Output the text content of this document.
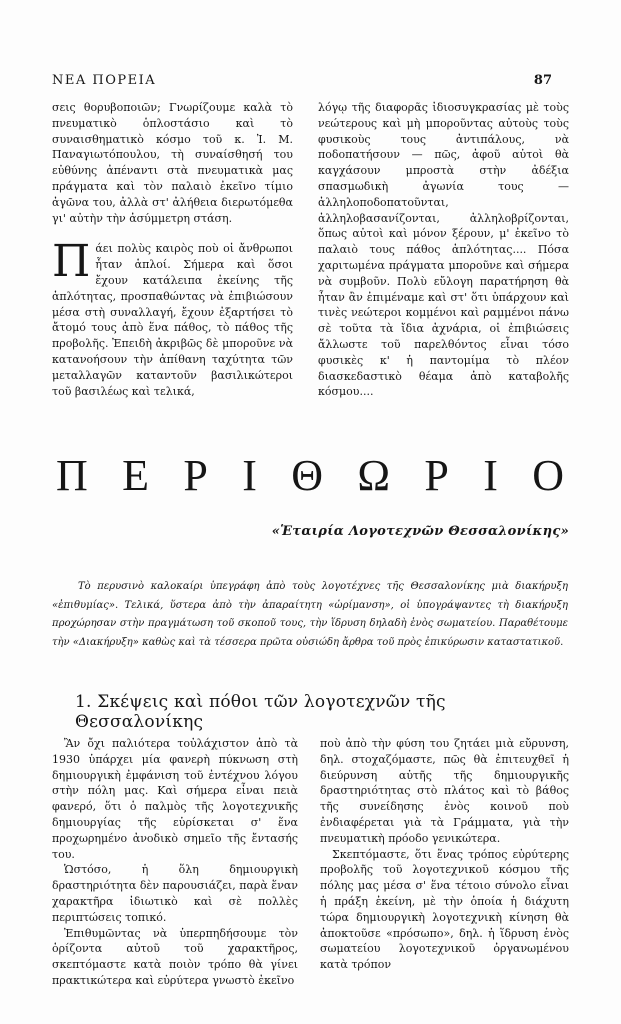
ΝΕΑ ΠΟΡΕΙΑ	87

σεις θορυβοποιῶν; Γνωρίζουμε καλὰ τὸ πνευματικὸ ὁπλοστάσιο καὶ τὸ συναισθηματικὸ κόσμο τοῦ κ. Ἰ. Μ. Παναγιωτόπουλου, τὴ συναίσθησή του εὐθύνης ἀπέναντι στὰ πνευματικὰ μας πράγματα καὶ τὸν παλαιὸ ἐκεῖνο τίμιο ἀγῶνα του, ἀλλὰ στ' ἀλήθεια διερωτόμεθα γι' αὐτὴν τὴν ἀσύμμετρη στάση.

Πάει πολὺς καιρὸς ποὺ οἱ ἄνθρωποι ἦταν ἁπλοί. Σήμερα καὶ ὅσοι ἔχουν κατάλειπα ἐκείνης τῆς ἁπλότητας, προσπαθώντας νὰ ἐπιβιώσουν μέσα στὴ συναλλαγή, ἔχουν ἐξαρτήσει τὸ ἄτομό τους ἀπὸ ἕνα πάθος, τὸ πάθος τῆς προβολῆς. Ἐπειδὴ ἀκριβῶς δὲ μποροῦνε νὰ κατανοήσουν τὴν ἀπίθανη ταχύτητα τῶν μεταλλαγῶν καταντοῦν βασιλικώτεροι τοῦ βασιλέως καὶ τελικά,

λόγῳ τῆς διαφορᾶς ἰδιοσυγκρασίας μὲ τοὺς νεώτερους καὶ μὴ μποροῦντας αὐτοὺς τοὺς φυσικοὺς τους ἀντιπάλους, νὰ ποδοπατήσουν — πῶς, ἀφοῦ αὐτοὶ θὰ καγχάσουν μπροστὰ στὴν ἀδέξια σπασμωδικὴ ἀγωνία τους — ἀλληλοποδοπατοῦνται, ἀλληλοβασανίζονται, ἀλληλοβρίζονται, ὅπως αὐτοὶ καὶ μόνον ξέρουν, μ' ἐκεῖνο τὸ παλαιὸ τους πάθος ἁπλότητας.... Πόσα χαριτωμένα πράγματα μποροῦνε καὶ σήμερα νὰ συμβοῦν. Πολὺ εὔλογη παρατήρηση θὰ ἦταν ἂν ἐπιμέναμε καὶ στ' ὅτι ὑπάρχουν καὶ τινὲς νεώτεροι κομμένοι καὶ ραμμένοι πάνω σὲ τοῦτα τὰ ἴδια ἀχνάρια, οἱ ἐπιβιώσεις ἄλλωστε τοῦ παρελθόντος εἶναι τόσο φυσικὲς κ' ἡ παντομίμα τὸ πλέον διασκεδαστικὸ θέαμα ἀπὸ καταβολῆς κόσμου....

Π Ε Ρ Ι Θ Ω Ρ Ι Ο
«Ἑταιρία Λογοτεχνῶν Θεσσαλονίκης»

Τὸ περυσινὸ καλοκαίρι ὑπεγράφη ἀπὸ τοὺς λογοτέχνες τῆς Θεσσαλονίκης μιὰ διακήρυξη «ἐπιθυμίας». Τελικά, ὕστερα ἀπὸ τὴν ἀπαραίτητη «ὡρίμανση», οἱ ὑπογράψαντες τὴ διακήρυξη προχώρησαν στὴν πραγμάτωση τοῦ σκοποῦ τους, τὴν ἵδρυση δηλαδὴ ἑνὸς σωματείου. Παραθέτουμε τὴν «Διακήρυξη» καθὼς καὶ τὰ τέσσερα πρῶτα οὐσιώδη ἄρθρα τοῦ πρὸς ἐπικύρωσιν καταστατικοῦ.

1. Σκέψεις καὶ πόθοι τῶν λογοτεχνῶν τῆς Θεσσαλονίκης

Ἂν ὄχι παλιότερα τοὐλάχιστον ἀπὸ τὰ 1930 ὑπάρχει μία φανερὴ πύκνωση στὴ δημιουργικὴ ἐμφάνιση τοῦ ἐντέχνου λόγου στὴν πόλη μας. Καὶ σήμερα εἶναι πειὰ φανερό, ὅτι ὁ παλμὸς τῆς λογοτεχνικῆς δημιουργίας τῆς εὑρίσκεται σ' ἕνα προχωρημένο ἀνοδικὸ σημεῖο τῆς ἔντασής του.

Ὡστόσο, ἡ ὅλη δημιουργικὴ δραστηριότητα δὲν παρουσιάζει, παρὰ ἕναν χαρακτῆρα ἰδιωτικὸ καὶ σὲ πολλὲς περιπτώσεις τοπικό.

Ἐπιθυμῶντας νὰ ὑπερπηδήσουμε τὸν ὁρίζοντα αὐτοῦ τοῦ χαρακτῆρος, σκεπτόμαστε κατὰ ποιὸν τρόπο θὰ γίνει πρακτικώτερα καὶ εὐρύτερα γνωστὸ ἐκεῖνο

ποὺ ἀπὸ τὴν φύση του ζητάει μιὰ εὔρυνση, δηλ. στοχαζόμαστε, πῶς θὰ ἐπιτευχθεῖ ἡ διεύρυνση αὐτῆς τῆς δημιουργικῆς δραστηριότητας στὸ πλάτος καὶ τὸ βάθος τῆς συνείδησης ἑνὸς κοινοῦ ποὺ ἐνδιαφέρεται γιὰ τὰ Γράμματα, γιὰ τὴν πνευματικὴ πρόοδο γενικώτερα.

Σκεπτόμαστε, ὅτι ἕνας τρόπος εὐρύτερης προβολῆς τοῦ λογοτεχνικοῦ κόσμου τῆς πόλης μας μέσα σ' ἕνα τέτοιο σύνολο εἶναι ἡ πράξη ἐκείνη, μὲ τὴν ὁποία ἡ διάχυτη τώρα δημιουργικὴ λογοτεχνικὴ κίνηση θὰ ἀποκτοῦσε «πρόσωπο», δηλ. ἡ ἵδρυση ἑνὸς σωματείου λογοτεχνικοῦ ὀργανωμένου κατὰ τρόπον
